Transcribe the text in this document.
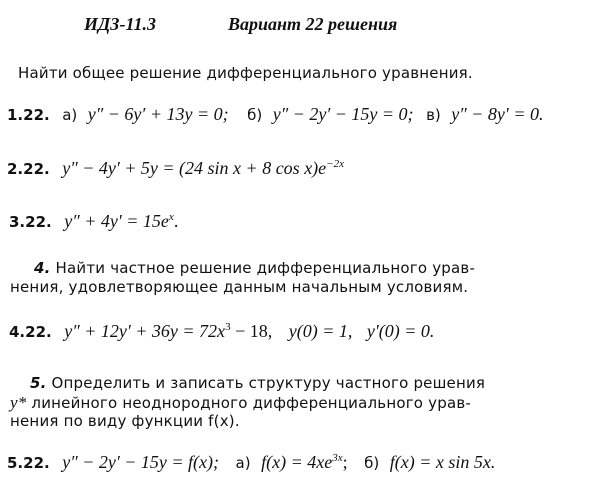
ИДЗ-11.3	Вариант 22 решения
Найти общее решение дифференциального уравнения.
1.22. а) y″ − 6y′ + 13y = 0; б) y″ − 2y′ − 15y = 0; в) y″ − 8y′ = 0.
2.22. y″ − 4y′ + 5y = (24 sin x + 8 $\cos x)e^{-2x}$
3.22. $y'' + 4y' = 15e^x$.
4. Найти частное решение дифференциального урав-
нения, удовлетворяющее данным начальным условиям.
4.22. $y'' + 12y' + 36y = 72x^3 - 18$, y(0) = 1, y′(0) = 0.
5. Определить и записать структуру частного решения
y* линейного неоднородного дифференциального урав-
нения по виду функции f(x).
5.22. y″ − 2y′ − 15y = f(x); а) $f(x) = 4xe^{3x}$; б) f(x) = x sin 5x.
